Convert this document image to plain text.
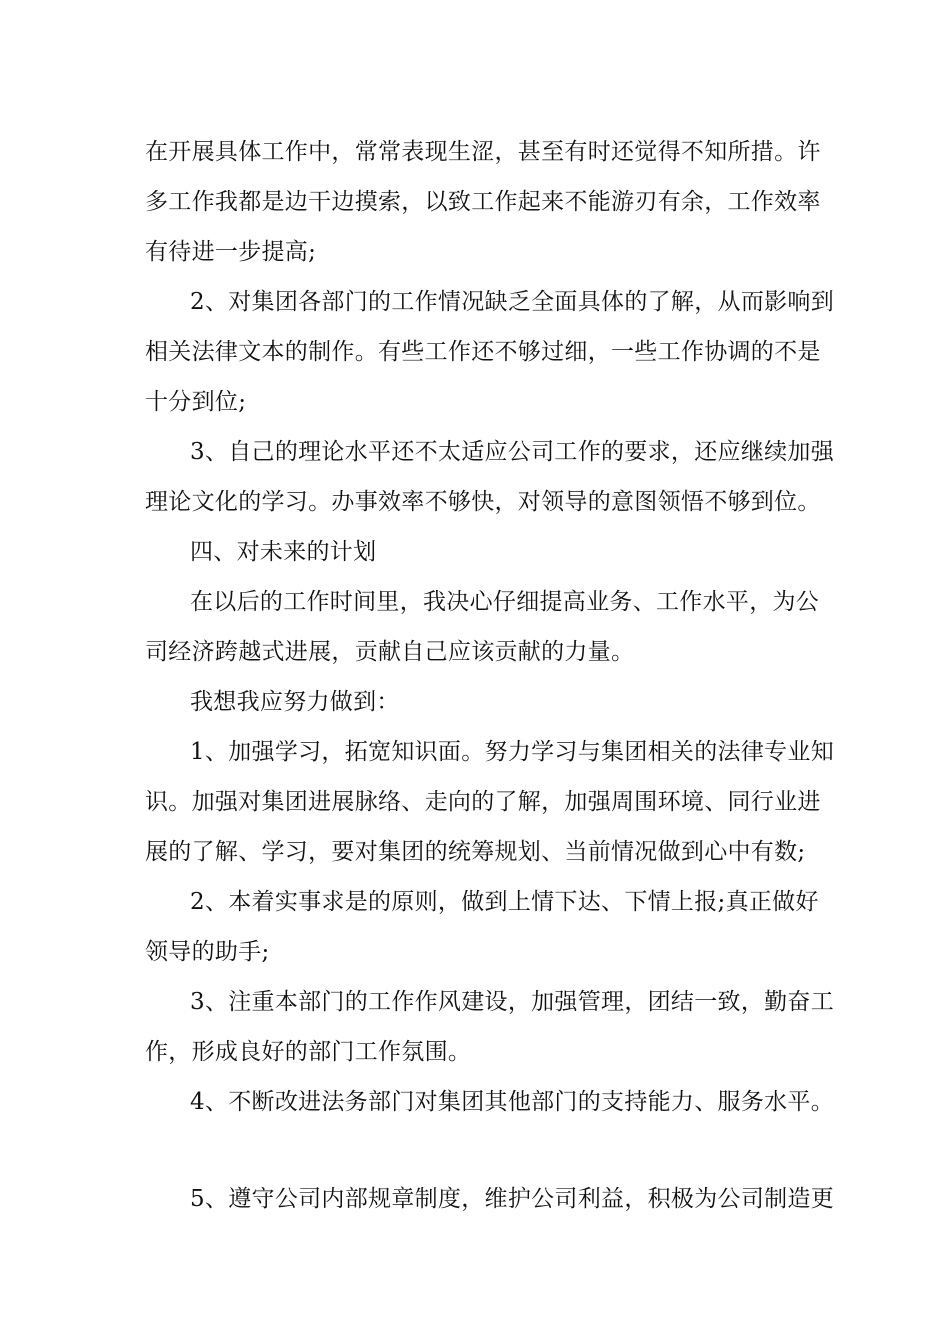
在开展具体工作中，常常表现生涩，甚至有时还觉得不知所措。许
多工作我都是边干边摸索，以致工作起来不能游刃有余，工作效率
有待进一步提高;
2、对集团各部门的工作情况缺乏全面具体的了解，从而影响到
相关法律文本的制作。有些工作还不够过细，一些工作协调的不是
十分到位;
3、自己的理论水平还不太适应公司工作的要求，还应继续加强
理论文化的学习。办事效率不够快，对领导的意图领悟不够到位。
四、对未来的计划
在以后的工作时间里，我决心仔细提高业务、工作水平，为公
司经济跨越式进展，贡献自己应该贡献的力量。
我想我应努力做到：
1、加强学习，拓宽知识面。努力学习与集团相关的法律专业知
识。加强对集团进展脉络、走向的了解，加强周围环境、同行业进
展的了解、学习，要对集团的统筹规划、当前情况做到心中有数;
2、本着实事求是的原则，做到上情下达、下情上报;真正做好
领导的助手;
3、注重本部门的工作作风建设，加强管理，团结一致，勤奋工
作，形成良好的部门工作氛围。
4、不断改进法务部门对集团其他部门的支持能力、服务水平。
5、遵守公司内部规章制度，维护公司利益，积极为公司制造更
